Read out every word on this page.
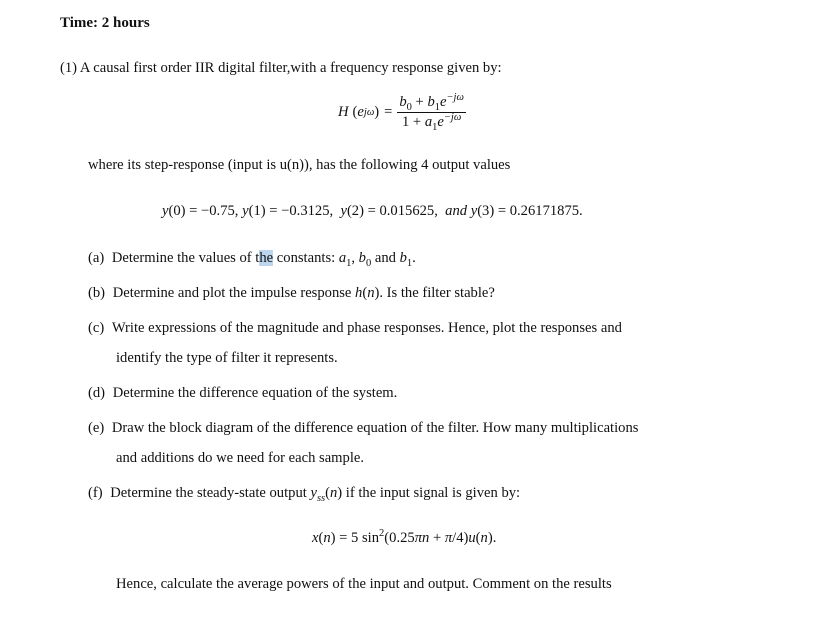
Time: 2 hours
(1) A causal first order IIR digital filter,with a frequency response given by:
H ( e jω ) = $\frac{b_0 + b_1e^{-j\omega}}{1 + a_1e^{-j\omega}}$
where its step-response (input is u(n)), has the following 4 output values
y(0) = −0.75, y(1) = −0.3125,  y(2) = 0.015625,  and y(3) = 0.26171875.
(a) Determine the values of the constants: $a_1$, $b_0$ and $b_1$.
(b) Determine and plot the impulse response h(n). Is the filter stable?
(c) Write expressions of the magnitude and phase responses. Hence, plot the responses and
identify the type of filter it represents.
(d) Determine the difference equation of the system.
(e) Draw the block diagram of the difference equation of the filter. How many multiplications
and additions do we need for each sample.
(f) Determine the steady-state output $y_{ss}(n)$ if the input signal is given by:
x(n) = 5 $\sin^2(0.25\pi n + \pi/4)u(n)$.
Hence, calculate the average powers of the input and output. Comment on the results
